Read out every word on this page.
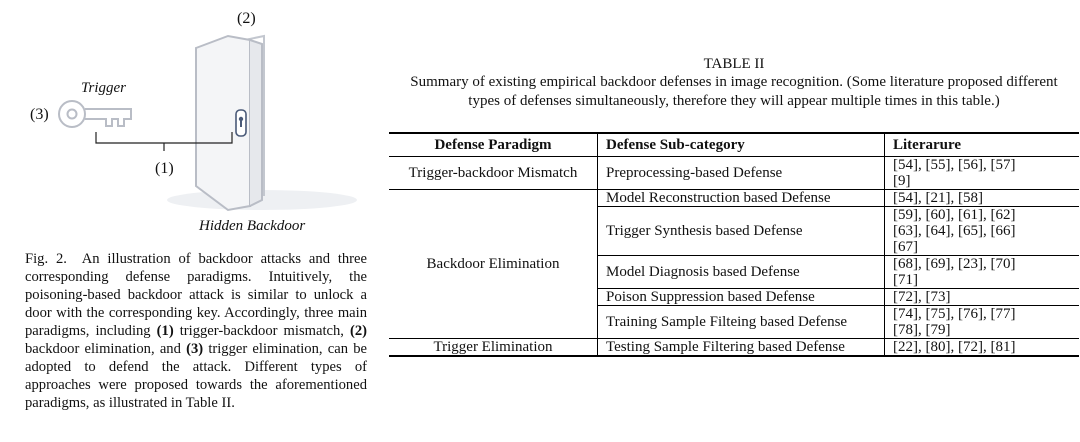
(2)
(3)
(1)
Trigger
Hidden Backdoor
Fig. 2. An illustration of backdoor attacks and three corresponding defense paradigms. Intuitively, the poisoning-based backdoor attack is similar to unlock a door with the corresponding key. Accordingly, three main paradigms, including (1) trigger-backdoor mismatch, (2) backdoor elimination, and (3) trigger elimination, can be adopted to defend the attack. Different types of approaches were proposed towards the aforementioned paradigms, as illustrated in Table II.
TABLE II
Summary of existing empirical backdoor defenses in image recognition. (Some literature proposed different types of defenses simultaneously, therefore they will appear multiple times in this table.)
Defense Paradigm	Defense Sub-category	Literarure
Trigger-backdoor Mismatch	Preprocessing-based Defense	[54], [55], [56], [57]
[9]

Backdoor Elimination	Model Reconstruction based Defense	[54], [21], [58]

	Trigger Synthesis based Defense	[59], [60], [61], [62]
[63], [64], [65], [66]
[67]

	Model Diagnosis based Defense	[68], [69], [23], [70]
[71]

	Poison Suppression based Defense	[72], [73]

	Training Sample Filteing based Defense	[74], [75], [76], [77]
[78], [79]

Trigger Elimination	Testing Sample Filtering based Defense	[22], [80], [72], [81]
